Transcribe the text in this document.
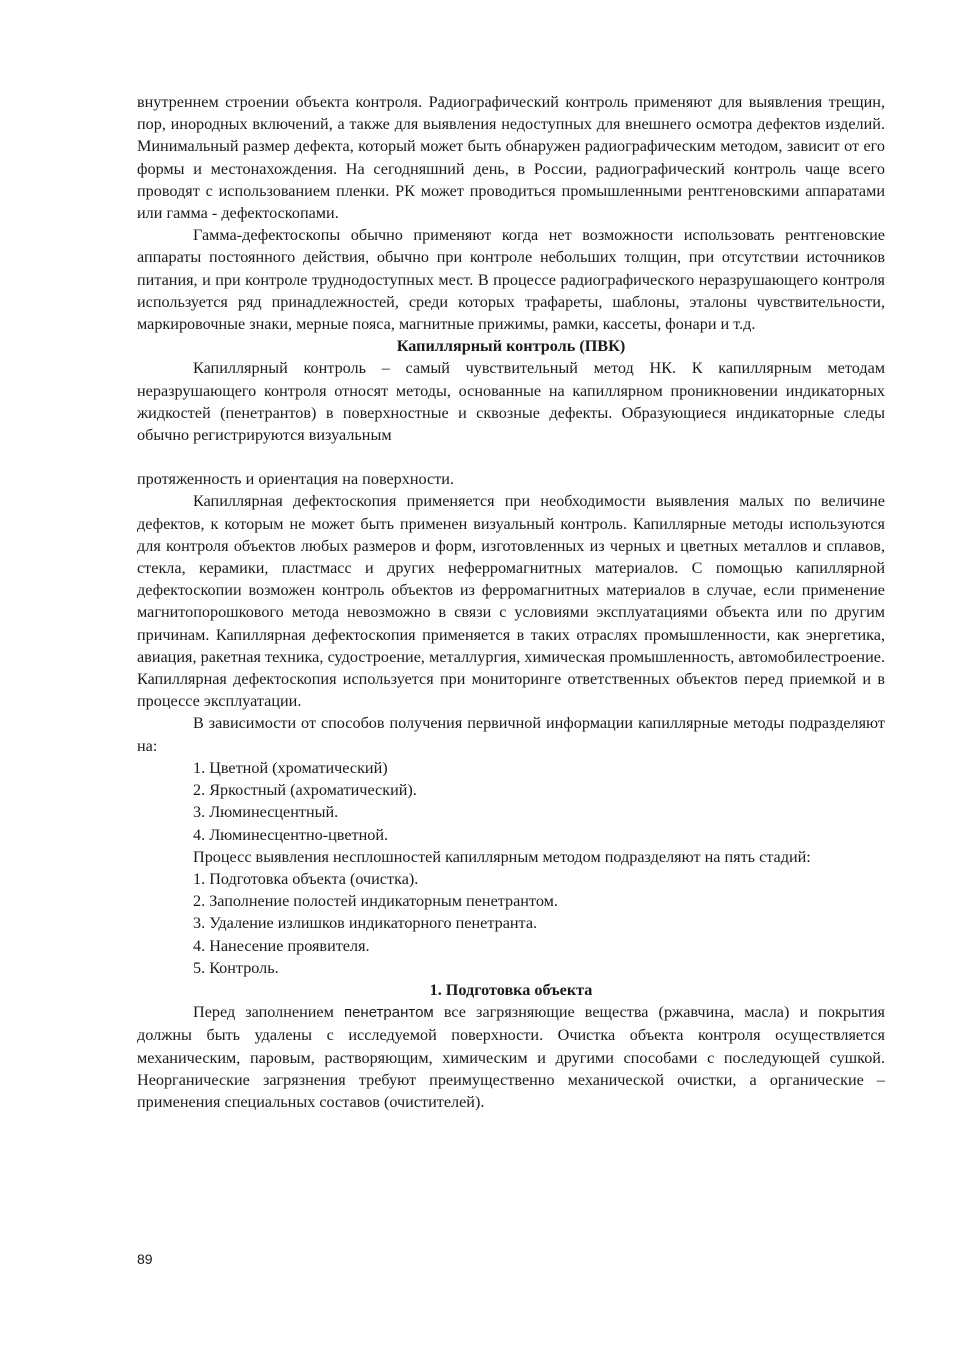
внутреннем строении объекта контроля. Радиографический контроль применяют для выявления трещин, пор, инородных включений, а также для выявления недоступных для внешнего осмотра дефектов изделий. Минимальный размер дефекта, который может быть обнаружен радиографическим методом, зависит от его формы и местонахождения. На сегодняшний день, в России, радиографический контроль чаще всего проводят с использованием пленки. РК может проводиться промышленными рентгеновскими аппаратами или гамма - дефектоскопами.

Гамма-дефектоскопы обычно применяют когда нет возможности использовать рентгеновские аппараты постоянного действия, обычно при контроле небольших толщин, при отсутствии источников питания, и при контроле труднодоступных мест. В процессе радиографического неразрушающего контроля используется ряд принадлежностей, среди которых трафареты, шаблоны, эталоны чувствительности, маркировочные знаки, мерные пояса, магнитные прижимы, рамки, кассеты, фонари и т.д.

Капиллярный контроль (ПВК)

Капиллярный контроль – самый чувствительный метод НК. К капиллярным методам неразрушающего контроля относят методы, основанные на капиллярном проникновении индикаторных жидкостей (пенетрантов) в поверхностные и сквозные дефекты. Образующиеся индикаторные следы обычно регистрируются визуальным

протяженность и ориентация на поверхности.

Капиллярная дефектоскопия применяется при необходимости выявления малых по величине дефектов, к которым не может быть применен визуальный контроль. Капиллярные методы используются для контроля объектов любых размеров и форм, изготовленных из черных и цветных металлов и сплавов, стекла, керамики, пластмасс и других неферромагнитных материалов. С помощью капиллярной дефектоскопии возможен контроль объектов из ферромагнитных материалов в случае, если применение магнитопорошкового метода невозможно в связи с условиями эксплуатациями объекта или по другим причинам. Капиллярная дефектоскопия применяется в таких отраслях промышленности, как энергетика, авиация, ракетная техника, судостроение, металлургия, химическая промышленность, автомобилестроение. Капиллярная дефектоскопия используется при мониторинге ответственных объектов перед приемкой и в процессе эксплуатации.

В зависимости от способов получения первичной информации капиллярные методы подразделяют на:

1. Цветной (хроматический)
2. Яркостный (ахроматический).
3. Люминесцентный.
4. Люминесцентно-цветной.

Процесс выявления несплошностей капиллярным методом подразделяют на пять стадий:

1. Подготовка объекта (очистка).
2. Заполнение полостей индикаторным пенетрантом.
3. Удаление излишков индикаторного пенетранта.
4. Нанесение проявителя.
5. Контроль.
1. Подготовка объекта

Перед заполнением пенетрантом все загрязняющие вещества (ржавчина, масла) и покрытия должны быть удалены с исследуемой поверхности. Очистка объекта контроля осуществляется механическим, паровым, растворяющим, химическим и другими способами с последующей сушкой. Неорганические загрязнения требуют преимущественно механической очистки, а органические – применения специальных составов (очистителей).

89
